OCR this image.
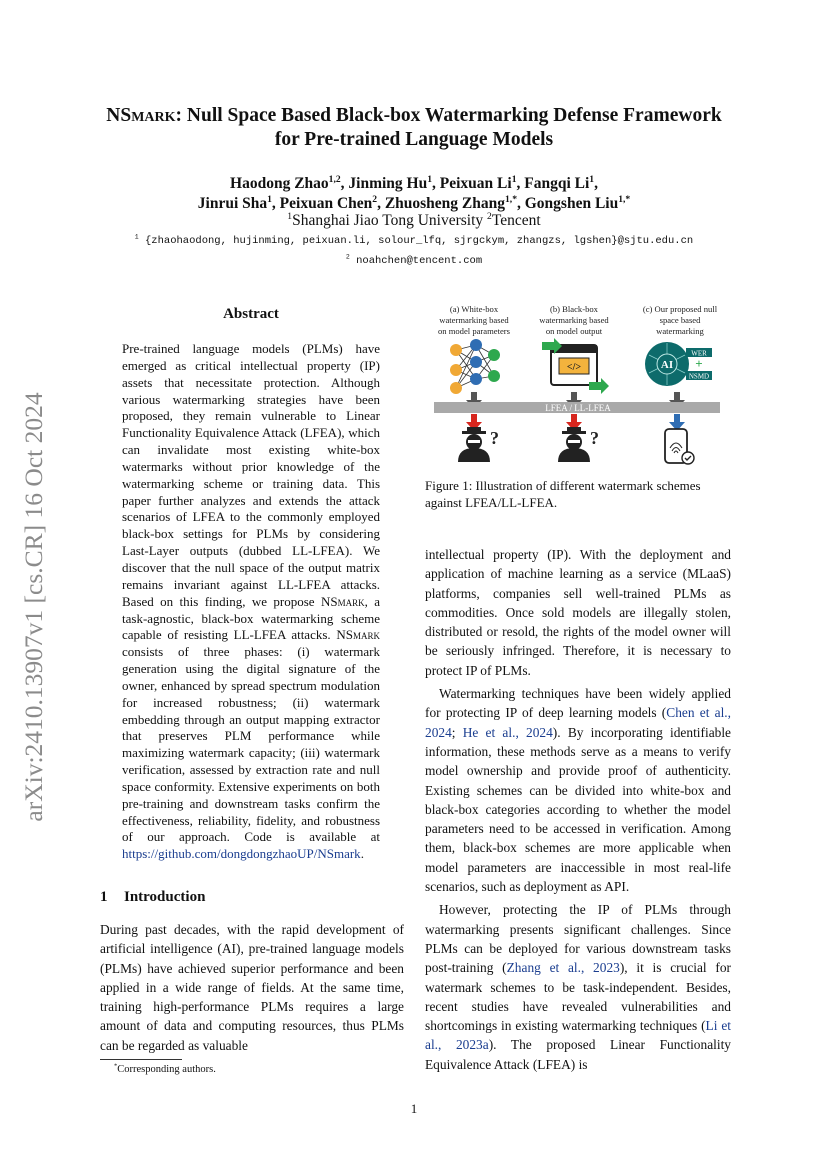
arXiv:2410.13907v1 [cs.CR] 16 Oct 2024
NSmark: Null Space Based Black-box Watermarking Defense Framework
for Pre-trained Language Models
Haodong Zhao$^{1,2}$, Jinming Hu$^1$, Peixuan Li$^1$, Fangqi Li$^1$,
Jinrui Sha$^1$, Peixuan Chen$^2$, Zhuosheng Zhang$^{1,*}$, Gongshen Liu$^{1,*}$
$^1$Shanghai Jiao Tong University $^2$Tencent
$^1$ {zhaohaodong, hujinming, peixuan.li, solour_lfq, sjrgckym, zhangzs, lgshen}@sjtu.edu.cn
$^2$ noahchen@tencent.com
Abstract
Pre-trained language models (PLMs) have emerged as critical intellectual property (IP) assets that necessitate protection. Although various watermarking strategies have been proposed, they remain vulnerable to Linear Functionality Equivalence Attack (LFEA), which can invalidate most existing white-box watermarks without prior knowledge of the watermarking scheme or training data. This paper further analyzes and extends the attack scenarios of LFEA to the commonly employed black-box settings for PLMs by considering Last-Layer outputs (dubbed LL-LFEA). We discover that the null space of the output matrix remains invariant against LL-LFEA attacks. Based on this finding, we propose NSmark, a task-agnostic, black-box watermarking scheme capable of resisting LL-LFEA attacks. NSmark consists of three phases: (i) watermark generation using the digital signature of the owner, enhanced by spread spectrum modulation for increased robustness; (ii) watermark embedding through an output mapping extractor that preserves PLM performance while maximizing watermark capacity; (iii) watermark verification, assessed by extraction rate and null space conformity. Extensive experiments on both pre-training and downstream tasks confirm the effectiveness, reliability, fidelity, and robustness of our approach. Code is available at https://github.com/dongdongzhaoUP/NSmark.
1 Introduction
During past decades, with the rapid development of artificial intelligence (AI), pre-trained language models (PLMs) have achieved superior performance and been applied in a wide range of fields. At the same time, training high-performance PLMs requires a large amount of data and computing resources, thus PLMs can be regarded as valuable
*Corresponding authors.
1
(a) White-box
watermarking based
on model parameters
(b) Black-box
watermarking based
on model output
(c) Our proposed null
space based
watermarking
</>	AI
WER
+
NSMD
LFEA / LL-LFEA
?	?
Figure 1: Illustration of different watermark schemes against LFEA/LL-LFEA.

intellectual property (IP). With the deployment and application of machine learning as a service (MLaaS) platforms, companies sell well-trained PLMs as commodities. Once sold models are illegally stolen, distributed or resold, the rights of the model owner will be seriously infringed. Therefore, it is necessary to protect IP of PLMs.

Watermarking techniques have been widely applied for protecting IP of deep learning models (Chen et al., 2024; He et al., 2024). By incorporating identifiable information, these methods serve as a means to verify model ownership and provide proof of authenticity. Existing schemes can be divided into white-box and black-box categories according to whether the model parameters need to be accessed in verification. Among them, black-box schemes are more applicable when model parameters are inaccessible in most real-life scenarios, such as deployment as API.

However, protecting the IP of PLMs through watermarking presents significant challenges. Since PLMs can be deployed for various downstream tasks post-training (Zhang et al., 2023), it is crucial for watermark schemes to be task-independent. Besides, recent studies have revealed vulnerabilities and shortcomings in existing watermarking techniques (Li et al., 2023a). The proposed Linear Functionality Equivalence Attack (LFEA) is
